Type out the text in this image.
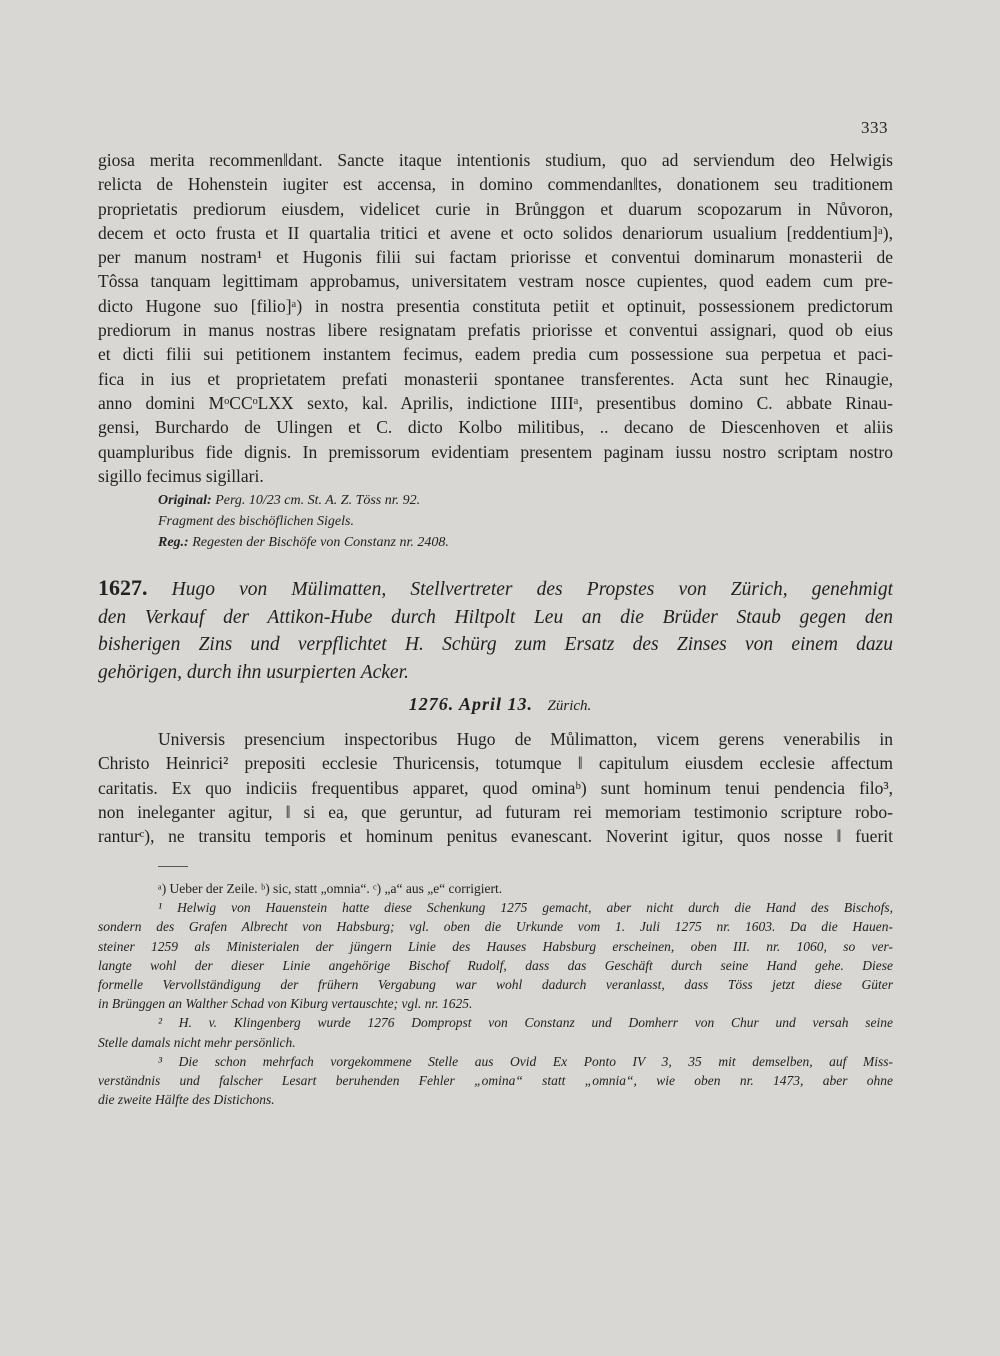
333
giosa merita recommen‖dant. Sancte itaque intentionis studium, quo ad serviendum deo Helwigis
relicta de Hohenstein iugiter est accensa, in domino commendan‖tes, donationem seu traditionem
proprietatis prediorum eiusdem, videlicet curie in Brůnggon et duarum scopozarum in Nůvoron,
decem et octo frusta et II quartalia tritici et avene et octo solidos denariorum usualium [reddentium]ᵃ),
per manum nostram¹ et Hugonis filii sui factam priorisse et conventui dominarum monasterii de
Tôssa tanquam legittimam approbamus, universitatem vestram nosce cupientes, quod eadem cum pre-
dicto Hugone suo [filio]ᵃ) in nostra presentia constituta petiit et optinuit, possessionem predictorum
prediorum in manus nostras libere resignatam prefatis priorisse et conventui assignari, quod ob eius
et dicti filii sui petitionem instantem fecimus, eadem predia cum possessione sua perpetua et paci-
fica in ius et proprietatem prefati monasterii spontanee transferentes. Acta sunt hec Rinaugie,
anno domini MᵒCCᵒLXX sexto, kal. Aprilis, indictione IIIIᵃ, presentibus domino C. abbate Rinau-
gensi, Burchardo de Ulingen et C. dicto Kolbo militibus, .. decano de Diescenhoven et aliis
quampluribus fide dignis. In premissorum evidentiam presentem paginam iussu nostro scriptam nostro
sigillo fecimus sigillari.
Original: Perg. 10/23 cm. St. A. Z. Töss nr. 92.
Fragment des bischöflichen Sigels.
Reg.: Regesten der Bischöfe von Constanz nr. 2408.
1627. Hugo von Mülimatten, Stellvertreter des Propstes von Zürich, genehmigt
den Verkauf der Attikon-Hube durch Hiltpolt Leu an die Brüder Staub gegen den
bisherigen Zins und verpflichtet H. Schürg zum Ersatz des Zinses von einem dazu
gehörigen, durch ihn usurpierten Acker.
1276. April 13. Zürich.
Universis presencium inspectoribus Hugo de Můlimatton, vicem gerens venerabilis in
Christo Heinrici² prepositi ecclesie Thuricensis, totumque ‖ capitulum eiusdem ecclesie affectum
caritatis. Ex quo indiciis frequentibus apparet, quod ominaᵇ) sunt hominum tenui pendencia filo³,
non ineleganter agitur, ‖ si ea, que geruntur, ad futuram rei memoriam testimonio scripture robo-
ranturᶜ), ne transitu temporis et hominum penitus evanescant. Noverint igitur, quos nosse ‖ fuerit
ᵃ) Ueber der Zeile. ᵇ) sic, statt „omnia“. ᶜ) „a“ aus „e“ corrigiert.
¹ Helwig von Hauenstein hatte diese Schenkung 1275 gemacht, aber nicht durch die Hand des Bischofs,
sondern des Grafen Albrecht von Habsburg; vgl. oben die Urkunde vom 1. Juli 1275 nr. 1603. Da die Hauen-
steiner 1259 als Ministerialen der jüngern Linie des Hauses Habsburg erscheinen, oben III. nr. 1060, so ver-
langte wohl der dieser Linie angehörige Bischof Rudolf, dass das Geschäft durch seine Hand gehe. Diese
formelle Vervollständigung der frühern Vergabung war wohl dadurch veranlasst, dass Töss jetzt diese Güter
in Brünggen an Walther Schad von Kiburg vertauschte; vgl. nr. 1625.
² H. v. Klingenberg wurde 1276 Dompropst von Constanz und Domherr von Chur und versah seine
Stelle damals nicht mehr persönlich.
³ Die schon mehrfach vorgekommene Stelle aus Ovid Ex Ponto IV 3, 35 mit demselben, auf Miss-
verständnis und falscher Lesart beruhenden Fehler „omina“ statt „omnia“, wie oben nr. 1473, aber ohne
die zweite Hälfte des Distichons.
